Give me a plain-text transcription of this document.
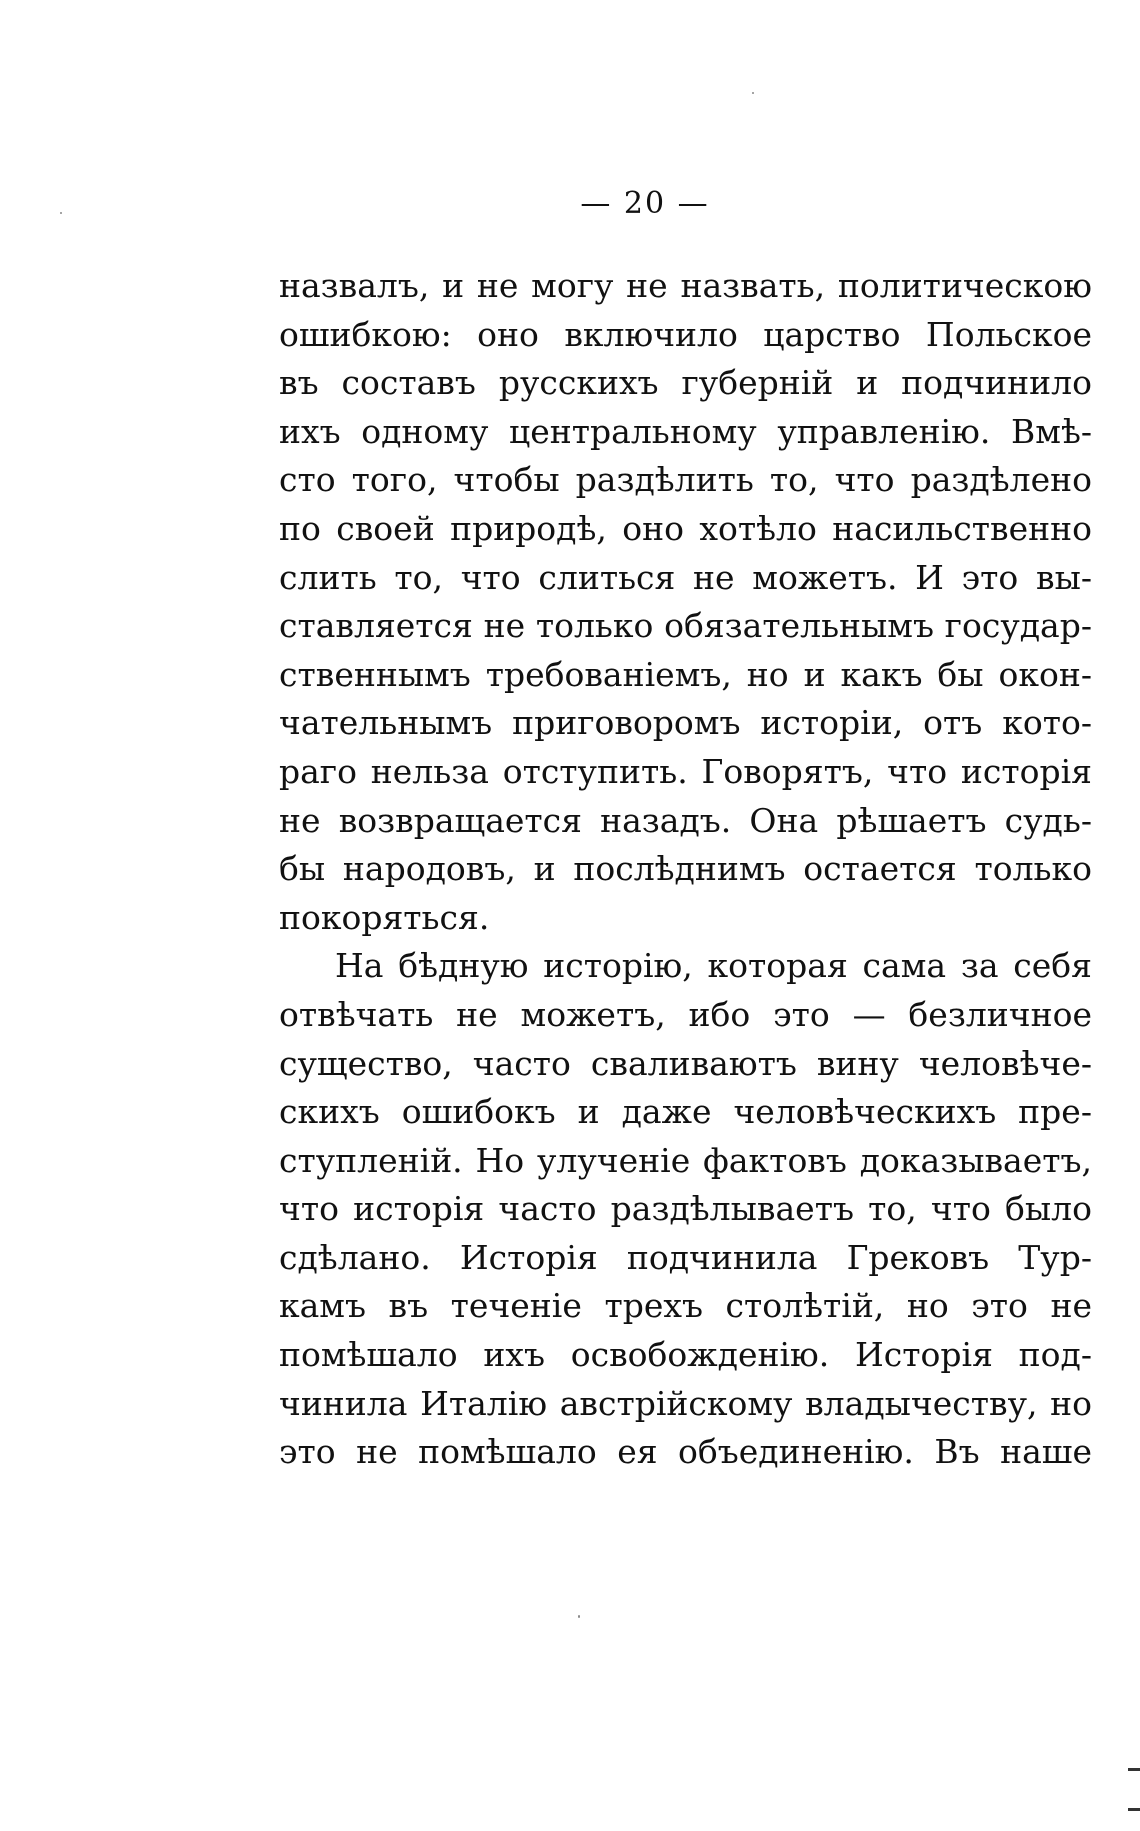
— 20 —
назвалъ, и не могу не назвать, политическою
ошибкою: оно включило царство Польское
въ составъ русскихъ губерній и подчинило
ихъ одному центральному управленію. Вмѣ-
сто того, чтобы раздѣлить то, что раздѣлено
по своей природѣ, оно хотѣло насильственно
слить то, что слиться не можетъ. И это вы-
ставляется не только обязательнымъ государ-
ственнымъ требованіемъ, но и какъ бы окон-
чательнымъ приговоромъ исторіи, отъ кото-
раго нельза отступить. Говорятъ, что исторія
не возвращается назадъ. Она рѣшаетъ судь-
бы народовъ, и послѣднимъ остается только
покоряться.
На бѣдную исторію, которая сама за себя
отвѣчать не можетъ, ибо это — безличное
существо, часто сваливаютъ вину человѣче-
скихъ ошибокъ и даже человѣческихъ пре-
ступленій. Но улученіе фактовъ доказываетъ,
что исторія часто раздѣлываетъ то, что было
сдѣлано. Исторія подчинила Грековъ Тур-
камъ въ теченіе трехъ столѣтій, но это не
помѣшало ихъ освобожденію. Исторія под-
чинила Италію австрійскому владычеству, но
это не помѣшало ея объединенію. Въ наше
